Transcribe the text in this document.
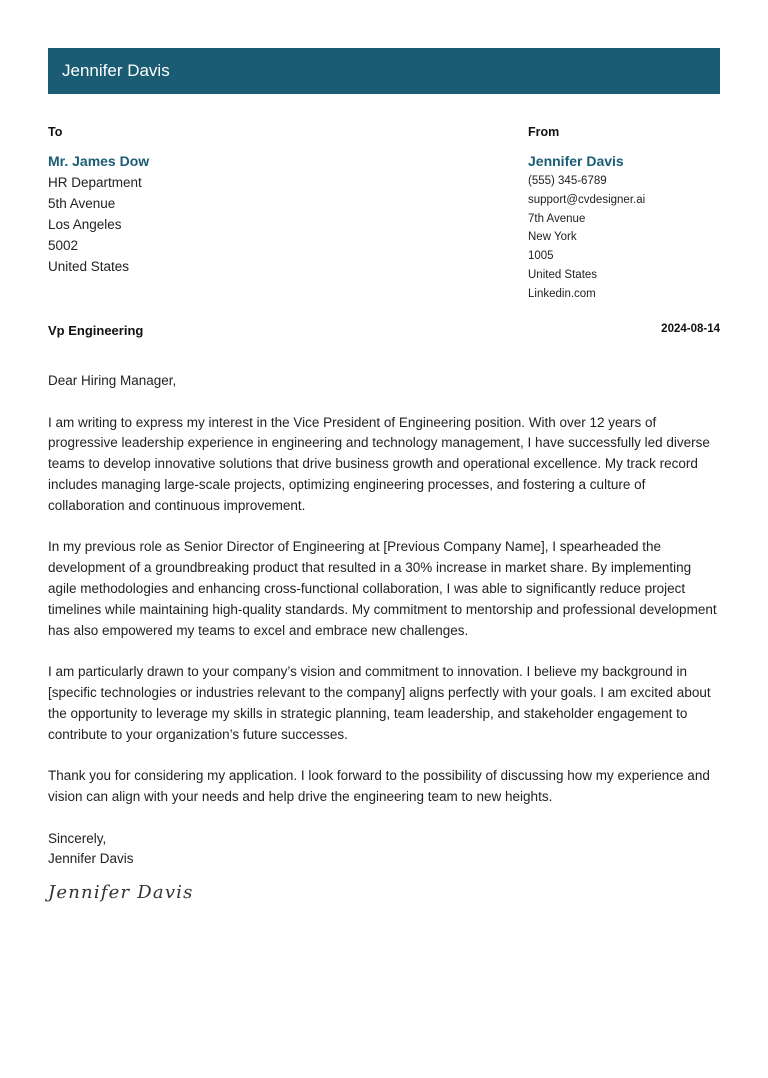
Jennifer Davis
To
Mr. James Dow
HR Department
5th Avenue
Los Angeles
5002
United States
From
Jennifer Davis
(555) 345-6789
support@cvdesigner.ai
7th Avenue
New York
1005
United States
Linkedin.com
Vp Engineering	2024-08-14

Dear Hiring Manager,

I am writing to express my interest in the Vice President of Engineering position. With over 12 years of progressive leadership experience in engineering and technology management, I have successfully led diverse teams to develop innovative solutions that drive business growth and operational excellence. My track record includes managing large-scale projects, optimizing engineering processes, and fostering a culture of collaboration and continuous improvement.

In my previous role as Senior Director of Engineering at [Previous Company Name], I spearheaded the development of a groundbreaking product that resulted in a 30% increase in market share. By implementing agile methodologies and enhancing cross-functional collaboration, I was able to significantly reduce project timelines while maintaining high-quality standards. My commitment to mentorship and professional development has also empowered my teams to excel and embrace new challenges.

I am particularly drawn to your company’s vision and commitment to innovation. I believe my background in [specific technologies or industries relevant to the company] aligns perfectly with your goals. I am excited about the opportunity to leverage my skills in strategic planning, team leadership, and stakeholder engagement to contribute to your organization’s future successes.

Thank you for considering my application. I look forward to the possibility of discussing how my experience and vision can align with your needs and help drive the engineering team to new heights.

Sincerely,
Jennifer Davis
Jennifer Davis
